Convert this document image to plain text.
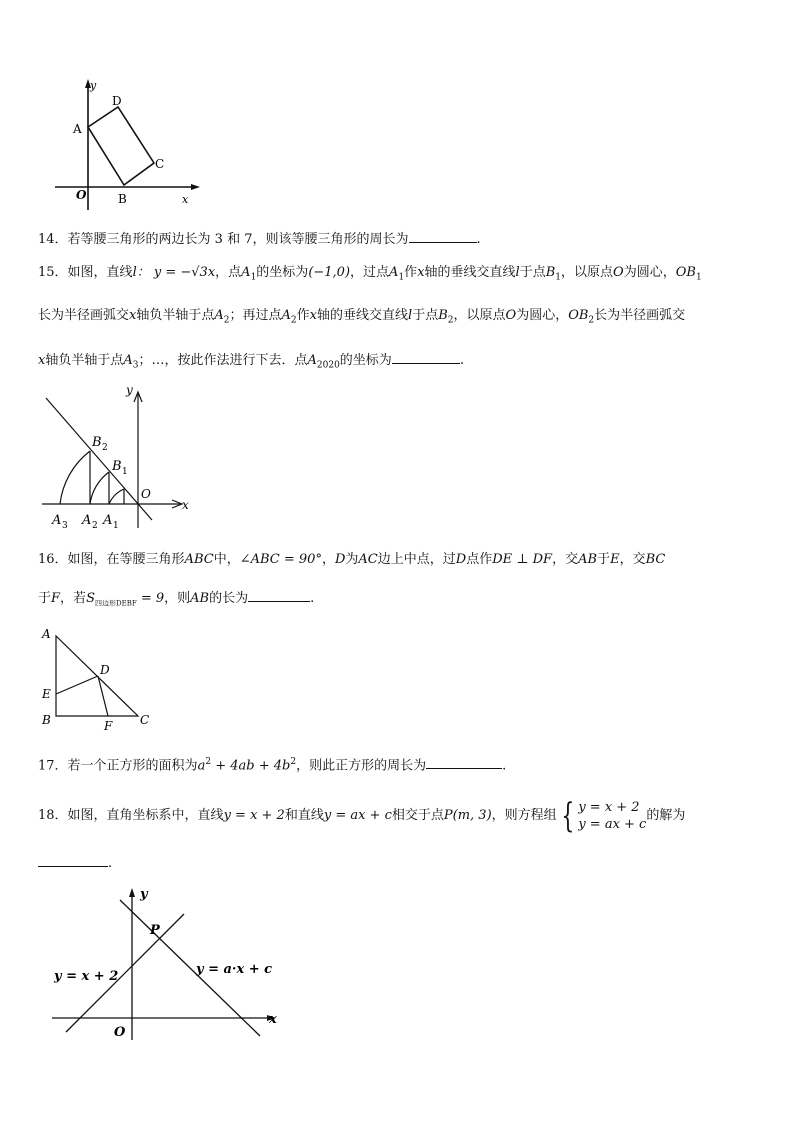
y
D
A
C
O	B	x
14．若等腰三角形的两边长为 3 和 7，则该等腰三角形的周长为	.
15．如图，直线l： y = −√3x，点$A_1$的坐标为(−1,0)，过点$A_1$作x轴的垂线交直线l于点$B_1$，以原点O为圆心，$OB_1$
长为半径画弧交x轴负半轴于点$A_2$；再过点$A_2$作x轴的垂线交直线l于点$B_2$，以原点O为圆心，$OB_2$长为半径画弧交
x轴负半轴于点$A_3$；…，按此作法进行下去．点$A_{2020}$的坐标为	.
y
B 2
B 1
O
x
A 3 A 2 A 1
16．如图，在等腰三角形ABC中，∠ABC = 90°，D为AC边上中点，过D点作DE ⊥ DF，交AB于E，交BC
于F，若$S_{四边形DEBF} = 9$，则AB的长为	.
A
D
E
B	F C
17．若一个正方形的面积为$a^2 + 4ab + 4b^2$，则此正方形的周长为	.
18．如图，直角坐标系中，直线y = x + 2和直线y = ax + c相交于点P(m, 3)，则方程组 { y = x + 2
y = ax + c
的解为
.
y
P
y = x + 2	y = a·x + c
O
x
